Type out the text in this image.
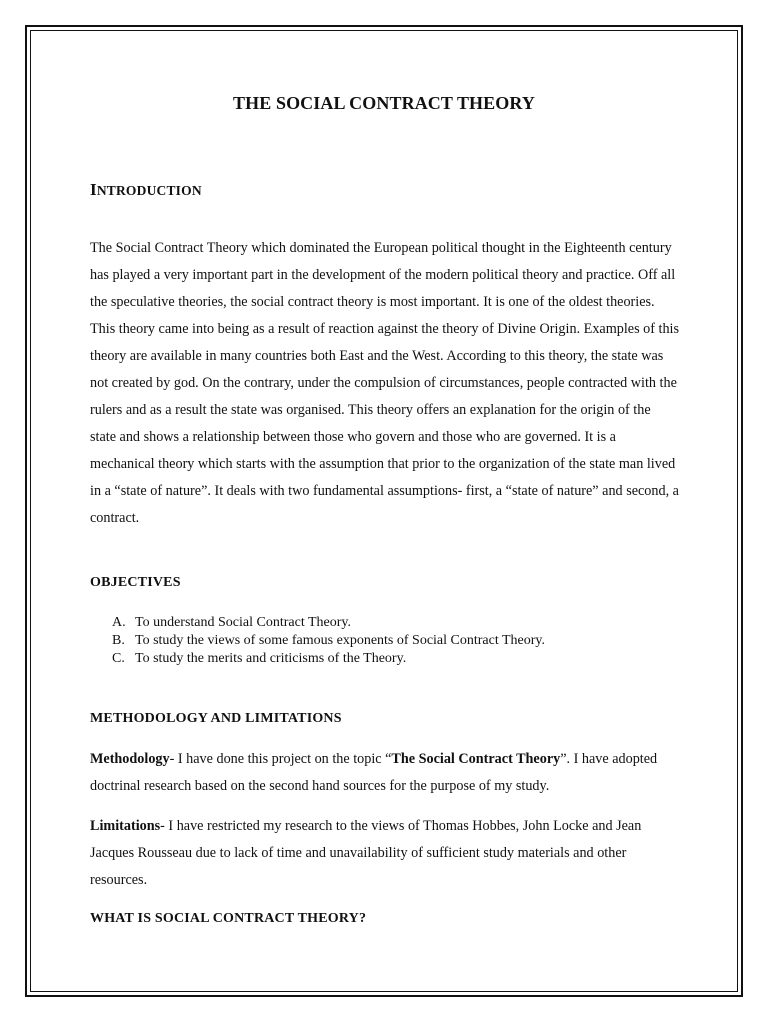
THE SOCIAL CONTRACT THEORY
INTRODUCTION

The Social Contract Theory which dominated the European political thought in the Eighteenth century has played a very important part in the development of the modern political theory and practice. Off all the speculative theories, the social contract theory is most important. It is one of the oldest theories. This theory came into being as a result of reaction against the theory of Divine Origin. Examples of this theory are available in many countries both East and the West. According to this theory, the state was not created by god. On the contrary, under the compulsion of circumstances, people contracted with the rulers and as a result the state was organised. This theory offers an explanation for the origin of the state and shows a relationship between those who govern and those who are governed. It is a mechanical theory which starts with the assumption that prior to the organization of the state man lived in a “state of nature”. It deals with two fundamental assumptions- first, a “state of nature” and second, a contract.

OBJECTIVES
A. To understand Social Contract Theory.
B. To study the views of some famous exponents of Social Contract Theory.
C. To study the merits and criticisms of the Theory.
METHODOLOGY AND LIMITATIONS

Methodology- I have done this project on the topic “The Social Contract Theory”. I have adopted doctrinal research based on the second hand sources for the purpose of my study.

Limitations- I have restricted my research to the views of Thomas Hobbes, John Locke and Jean Jacques Rousseau due to lack of time and unavailability of sufficient study materials and other resources.

WHAT IS SOCIAL CONTRACT THEORY?
